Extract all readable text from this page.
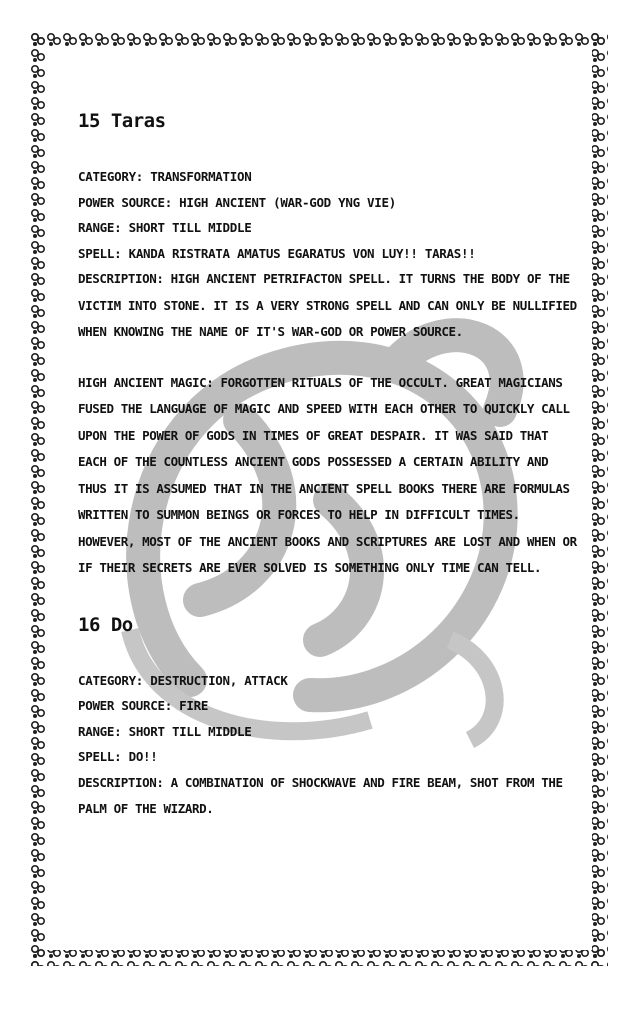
15 Taras

CATEGORY: TRANSFORMATION
POWER SOURCE: HIGH ANCIENT (WAR-GOD YNG VIE)
RANGE: SHORT TILL MIDDLE
SPELL: KANDA RISTRATA AMATUS EGARATUS VON LUY!! TARAS!!

DESCRIPTION: HIGH ANCIENT PETRIFACTON SPELL. IT TURNS THE BODY OF THE VICTIM INTO STONE. IT IS A VERY STRONG SPELL AND CAN ONLY BE NULLIFIED WHEN KNOWING THE NAME OF IT'S WAR-GOD OR POWER SOURCE.

HIGH ANCIENT MAGIC: FORGOTTEN RITUALS OF THE OCCULT. GREAT MAGICIANS FUSED THE LANGUAGE OF MAGIC AND SPEED WITH EACH OTHER TO QUICKLY CALL UPON THE POWER OF GODS IN TIMES OF GREAT DESPAIR. IT WAS SAID THAT EACH OF THE COUNTLESS ANCIENT GODS POSSESSED A CERTAIN ABILITY AND THUS IT IS ASSUMED THAT IN THE ANCIENT SPELL BOOKS THERE ARE FORMULAS WRITTEN TO SUMMON BEINGS OR FORCES TO HELP IN DIFFICULT TIMES. HOWEVER, MOST OF THE ANCIENT BOOKS AND SCRIPTURES ARE LOST AND WHEN OR IF THEIR SECRETS ARE EVER SOLVED IS SOMETHING ONLY TIME CAN TELL.

16 Do

CATEGORY: DESTRUCTION, ATTACK
POWER SOURCE: FIRE
RANGE: SHORT TILL MIDDLE
SPELL: DO!!

DESCRIPTION: A COMBINATION OF SHOCKWAVE AND FIRE BEAM, SHOT FROM THE PALM OF THE WIZARD.
